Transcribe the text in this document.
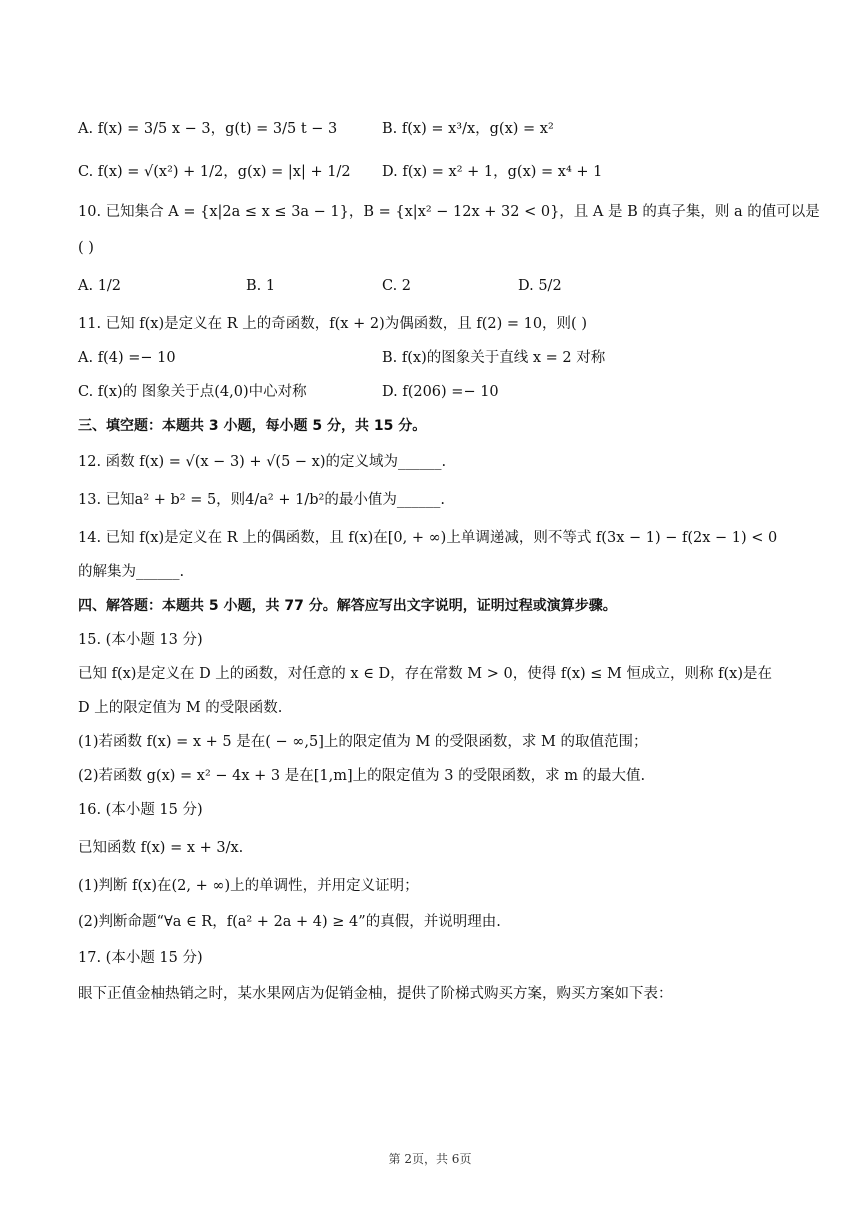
A. f(x) = 3/5 x − 3，g(t) = 3/5 t − 3	B. f(x) = x³/x，g(x) = x²
C. f(x) = √(x²) + 1/2，g(x) = |x| + 1/2 D. f(x) = x² + 1，g(x) = x⁴ + 1
10. 已知集合 A = {x|2a ≤ x ≤ 3a − 1}，B = {x|x² − 12x + 32 < 0}，且 A 是 B 的真子集，则 a 的值可以是
( )
A. 1/2	B. 1	C. 2	D. 5/2
11. 已知 f(x)是定义在 R 上的奇函数，f(x + 2)为偶函数，且 f(2) = 10，则( )
A. f(4) =− 10	B. f(x)的图象关于直线 x = 2 对称
C. f(x)的 图象关于点(4,0)中心对称	D. f(206) =− 10
三、填空题：本题共 3 小题，每小题 5 分，共 15 分。
12. 函数 f(x) = √(x − 3) + √(5 − x)的定义域为______.
13. 已知a² + b² = 5，则4/a² + 1/b²的最小值为______.
14. 已知 f(x)是定义在 R 上的偶函数，且 f(x)在[0, + ∞)上单调递减，则不等式 f(3x − 1) − f(2x − 1) < 0
的解集为______.
四、解答题：本题共 5 小题，共 77 分。解答应写出文字说明，证明过程或演算步骤。
15. (本小题 13 分)
已知 f(x)是定义在 D 上的函数，对任意的 x ∈ D，存在常数 M > 0，使得 f(x) ≤ M 恒成立，则称 f(x)是在
D 上的限定值为 M 的受限函数.
(1)若函数 f(x) = x + 5 是在( − ∞,5]上的限定值为 M 的受限函数，求 M 的取值范围；
(2)若函数 g(x) = x² − 4x + 3 是在[1,m]上的限定值为 3 的受限函数，求 m 的最大值.
16. (本小题 15 分)
已知函数 f(x) = x + 3/x.
(1)判断 f(x)在(2, + ∞)上的单调性，并用定义证明；
(2)判断命题“∀a ∈ R，f(a² + 2a + 4) ≥ 4”的真假，并说明理由.
17. (本小题 15 分)
眼下正值金柚热销之时，某水果网店为促销金柚，提供了阶梯式购买方案，购买方案如下表：
第 2页，共 6页
